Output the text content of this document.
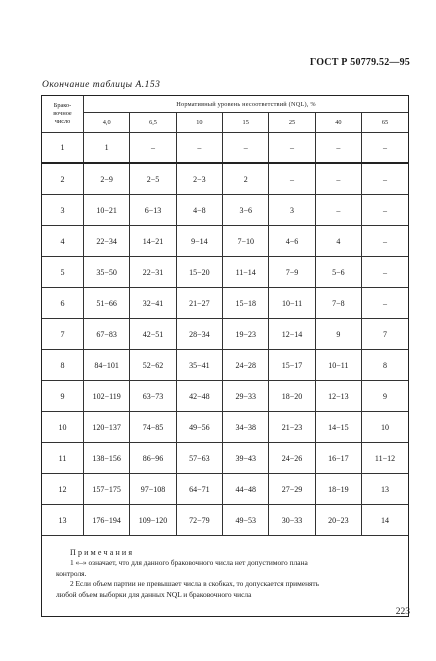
ГОСТ Р 50779.52—95
Окончание таблицы А.153
Брако-
вочное
число	Нормативный уровень несоответствий (NQL), %						
	4,0	6,5	10	15	25	40	65
1	1	–	–	–	–	–	–
2	2−9	2−5	2−3	2	–	–	–
3	10−21	6−13	4−8	3−6	3	–	–
4	22−34	14−21	9−14	7−10	4−6	4	–
5	35−50	22−31	15−20	11−14	7−9	5−6	–
6	51−66	32−41	21−27	15−18	10−11	7−8	–
7	67−83	42−51	28−34	19−23	12−14	9	7
8	84−101	52−62	35−41	24−28	15−17	10−11	8
9	102−119	63−73	42−48	29−33	18−20	12−13	9
10	120−137	74−85	49−56	34−38	21−23	14−15	10
11	138−156	86−96	57−63	39−43	24−26	16−17	11−12
12	157−175	97−108	64−71	44−48	27−29	18−19	13
13	176−194	109−120	72−79	49−53	30−33	20−23	14

Примечания

1 «–» означает, что для данного браковочного числа нет допустимого плана

контроля.

2 Если объем партии не превышает числа в скобках, то допускается применять

любой объем выборки для данных NQL и браковочного числа							

223
